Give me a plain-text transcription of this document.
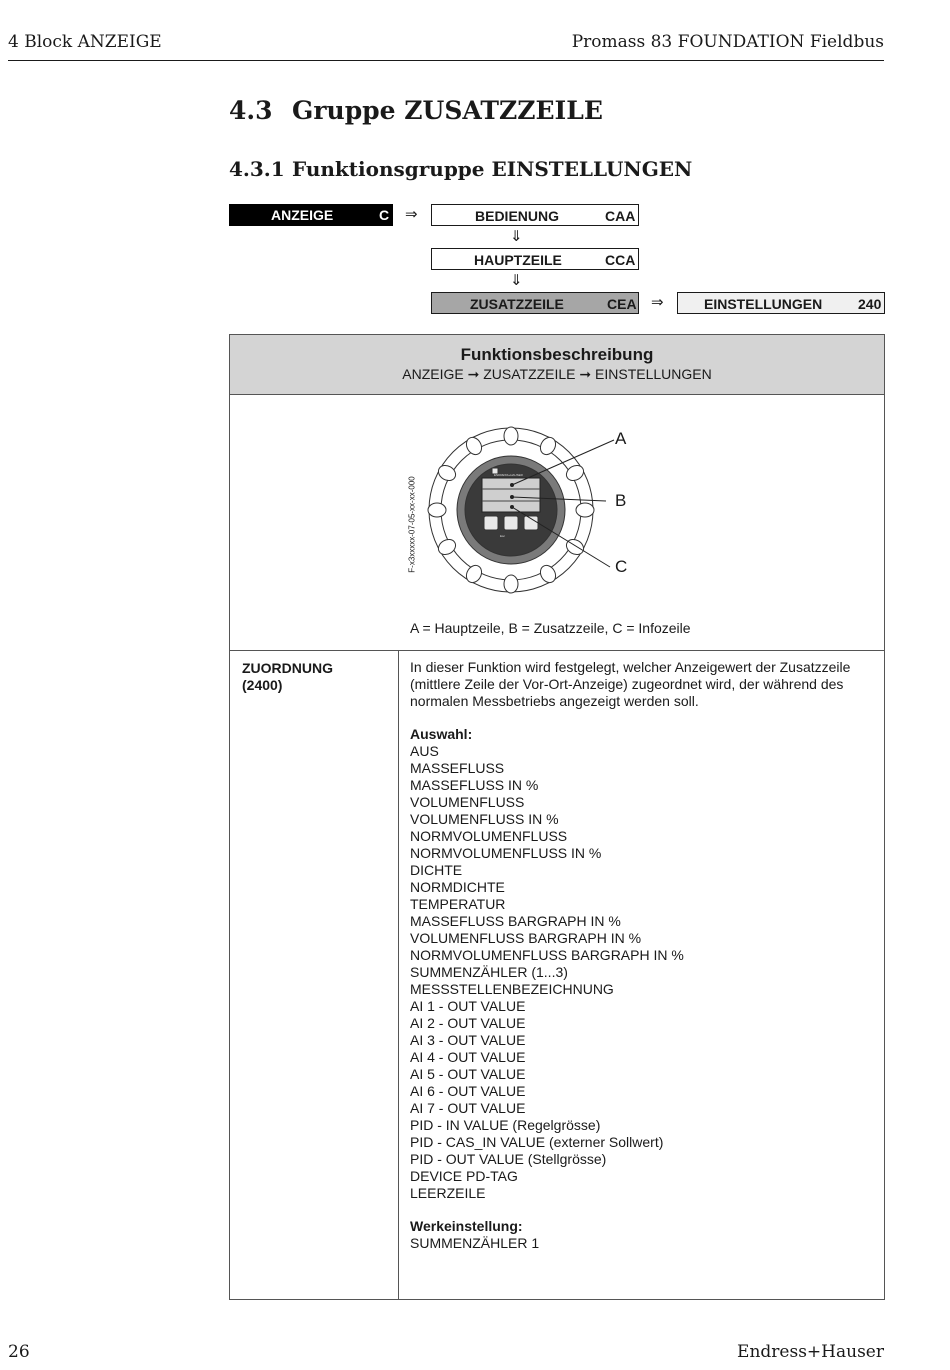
4 Block ANZEIGE	Promass 83 FOUNDATION Fieldbus
4.3 Gruppe ZUSATZZEILE
4.3.1 Funktionsgruppe EINSTELLUNGEN
ANZEIGE	C ⇒	BEDIENUNG	CAA
⇓
HAUPTZEILE	CCA
⇓
ZUSATZZEILE	CEA ⇒	EINSTELLUNGEN	240
Funktionsbeschreibung
ANZEIGE ➞ ZUSATZZEILE ➞ EINSTELLUNGEN
ENDRESS+HAUSER
Esc
A
B
C
F-x3xxxxx-07-05-xx-xx-000
A = Hauptzeile, B = Zusatzzeile, C = Infozeile
ZUORDNUNG
(2400)

In dieser Funktion wird festgelegt, welcher Anzeigewert der Zusatzzeile (mittlere Zeile der Vor-Ort-Anzeige) zugeordnet wird, der während des normalen Messbetriebs angezeigt werden soll.

Auswahl:

AUS

MASSEFLUSS

MASSEFLUSS IN %

VOLUMENFLUSS

VOLUMENFLUSS IN %

NORMVOLUMENFLUSS

NORMVOLUMENFLUSS IN %

DICHTE

NORMDICHTE

TEMPERATUR

MASSEFLUSS BARGRAPH IN %

VOLUMENFLUSS BARGRAPH IN %

NORMVOLUMENFLUSS BARGRAPH IN %

SUMMENZÄHLER (1...3)

MESSSTELLENBEZEICHNUNG

AI 1 - OUT VALUE

AI 2 - OUT VALUE

AI 3 - OUT VALUE

AI 4 - OUT VALUE

AI 5 - OUT VALUE

AI 6 - OUT VALUE

AI 7 - OUT VALUE

PID - IN VALUE (Regelgrösse)

PID - CAS_IN VALUE (externer Sollwert)

PID - OUT VALUE (Stellgrösse)

DEVICE PD-TAG

LEERZEILE

Werkeinstellung:

SUMMENZÄHLER 1

26	Endress+Hauser
